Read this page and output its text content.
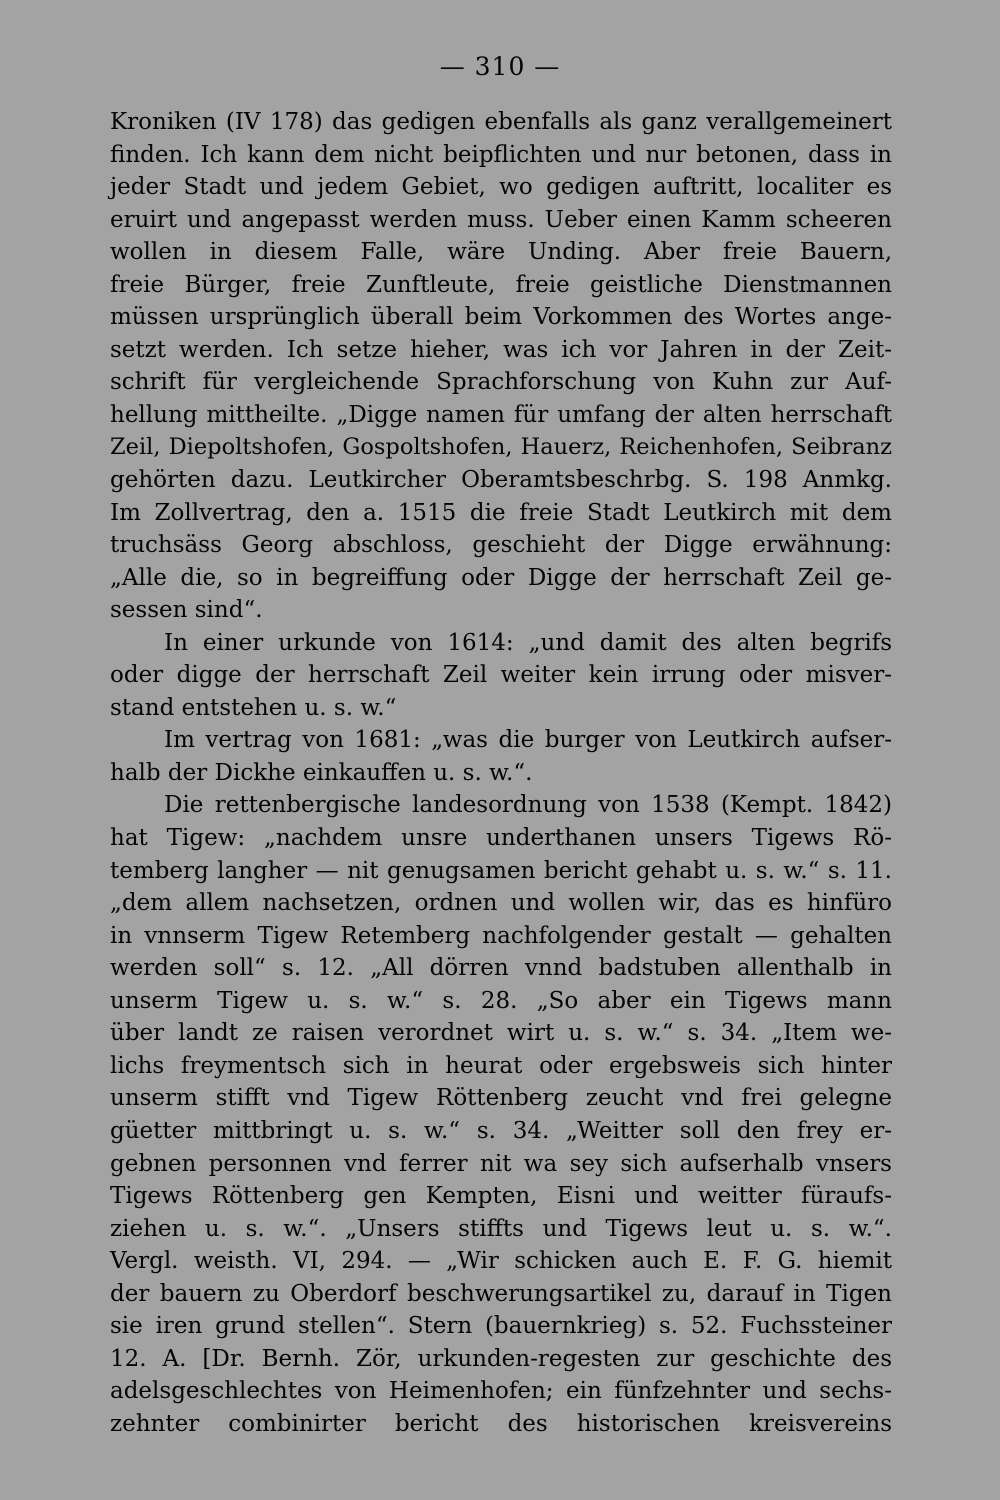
— 310 —
Kroniken (IV 178) das gedigen ebenfalls als ganz verallgemeinert
finden. Ich kann dem nicht beipflichten und nur betonen, dass in
jeder Stadt und jedem Gebiet, wo gedigen auftritt, localiter es
eruirt und angepasst werden muss. Ueber einen Kamm scheeren
wollen in diesem Falle, wäre Unding. Aber freie Bauern,
freie Bürger, freie Zunftleute, freie geistliche Dienstmannen
müssen ursprünglich überall beim Vorkommen des Wortes ange-
setzt werden. Ich setze hieher, was ich vor Jahren in der Zeit-
schrift für vergleichende Sprachforschung von Kuhn zur Auf-
hellung mittheilte. „Digge namen für umfang der alten herrschaft
Zeil, Diepoltshofen, Gospoltshofen, Hauerz, Reichenhofen, Seibranz
gehörten dazu. Leutkircher Oberamtsbeschrbg. S. 198 Anmkg.
Im Zollvertrag, den a. 1515 die freie Stadt Leutkirch mit dem
truchsäss Georg abschloss, geschieht der Digge erwähnung:
„Alle die, so in begreiffung oder Digge der herrschaft Zeil ge-
sessen sind“.
In einer urkunde von 1614: „und damit des alten begrifs
oder digge der herrschaft Zeil weiter kein irrung oder misver-
stand entstehen u. s. w.“
Im vertrag von 1681: „was die burger von Leutkirch aufser-
halb der Dickhe einkauffen u. s. w.“.
Die rettenbergische landesordnung von 1538 (Kempt. 1842)
hat Tigew: „nachdem unsre underthanen unsers Tigews Rö-
temberg langher — nit genugsamen bericht gehabt u. s. w.“ s. 11.
„dem allem nachsetzen, ordnen und wollen wir, das es hinfüro
in vnnserm Tigew Retemberg nachfolgender gestalt — gehalten
werden soll“ s. 12. „All dörren vnnd badstuben allenthalb in
unserm Tigew u. s. w.“ s. 28. „So aber ein Tigews mann
über landt ze raisen verordnet wirt u. s. w.“ s. 34. „Item we-
lichs freymentsch sich in heurat oder ergebsweis sich hinter
unserm stifft vnd Tigew Röttenberg zeucht vnd frei gelegne
güetter mittbringt u. s. w.“ s. 34. „Weitter soll den frey er-
gebnen personnen vnd ferrer nit wa sey sich aufserhalb vnsers
Tigews Röttenberg gen Kempten, Eisni und weitter füraufs-
ziehen u. s. w.“. „Unsers stiffts und Tigews leut u. s. w.“.
Vergl. weisth. VI, 294. — „Wir schicken auch E. F. G. hiemit
der bauern zu Oberdorf beschwerungsartikel zu, darauf in Tigen
sie iren grund stellen“. Stern (bauernkrieg) s. 52. Fuchssteiner
12. A. [Dr. Bernh. Zör, urkunden-regesten zur geschichte des
adelsgeschlechtes von Heimenhofen; ein fünfzehnter und sechs-
zehnter combinirter bericht des historischen kreisvereins
